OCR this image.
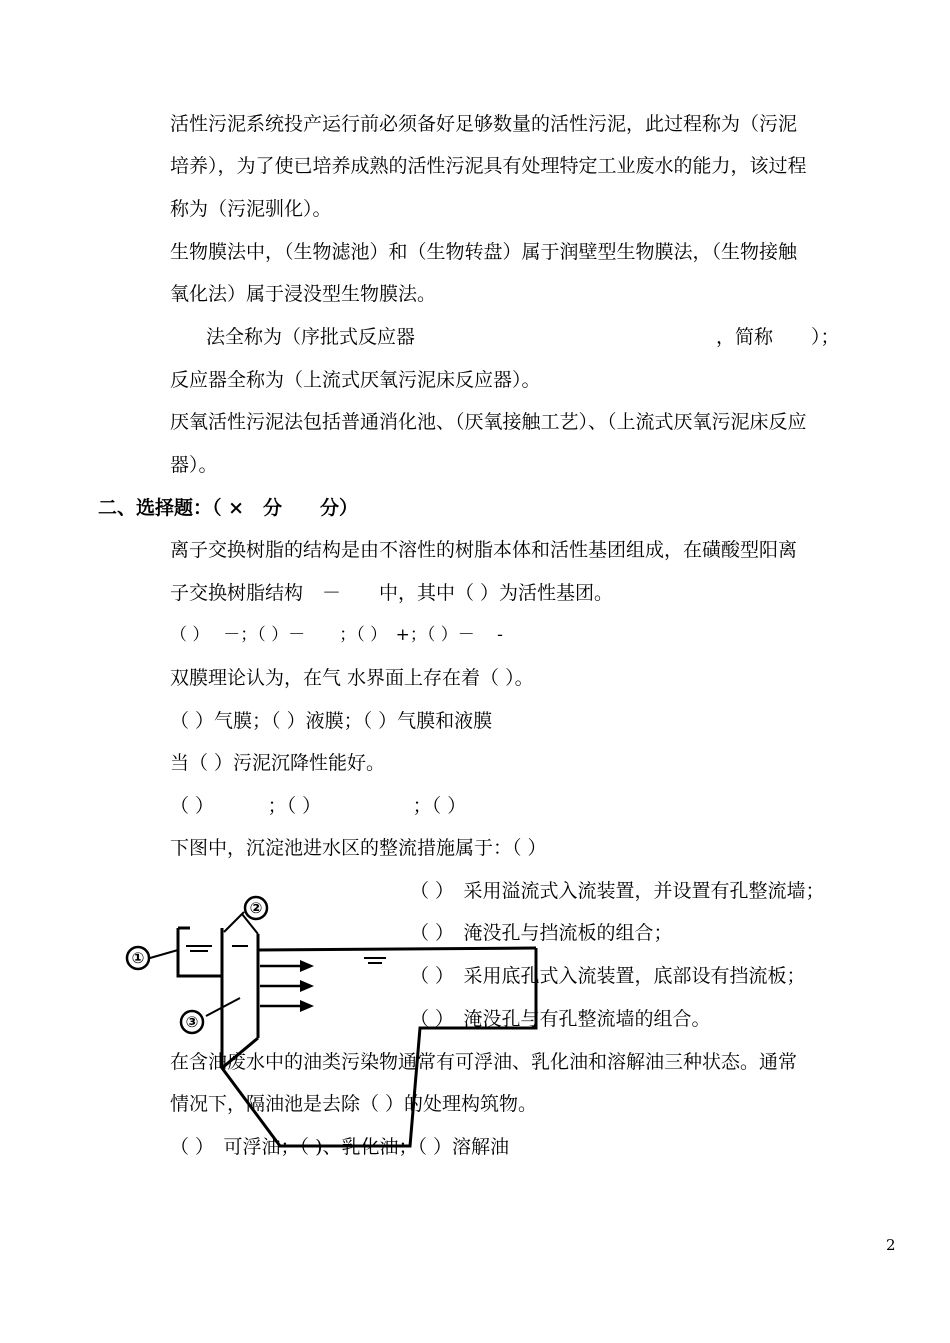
活性污泥系统投产运行前必须备好足够数量的活性污泥，此过程称为（污泥
培养），为了使已培养成熟的活性污泥具有处理特定工业废水的能力，该过程
称为（污泥驯化）。
生物膜法中，（生物滤池）和（生物转盘）属于润壁型生物膜法，（生物接触
氧化法）属于浸没型生物膜法。
法全称为（序批式反应器	，简称　　）；
反应器全称为（上流式厌氧污泥床反应器）。
厌氧活性污泥法包括普通消化池、（厌氧接触工艺）、（上流式厌氧污泥床反应
器）。
二、选择题：（ ×　分　　分）
离子交换树脂的结构是由不溶性的树脂本体和活性基团组成，在磺酸型阳离
子交换树脂结构　－　　中，其中（ ）为活性基团。
（ ）　 －；（ ）－　　；（ ）　+；（ ）－　 -
双膜理论认为，在气 水界面上存在着（ ）。
（ ）气膜；（ ）液膜；（ ）气膜和液膜
当（ ）污泥沉降性能好。
（ ）　　　 ；（ ）　　　　　 ；（ ）
下图中，沉淀池进水区的整流措施属于：（ ）
①
②
③
（ ）　采用溢流式入流装置，并设置有孔整流墙；
（ ）　淹没孔与挡流板的组合；
（ ）　采用底孔式入流装置，底部设有挡流板；
（ ）　淹没孔与有孔整流墙的组合。
在含油废水中的油类污染物通常有可浮油、乳化油和溶解油三种状态。通常
情况下，隔油池是去除（ ）的处理构筑物。
（ ）　可浮油；（ )、乳化油；（ ）溶解油
2
